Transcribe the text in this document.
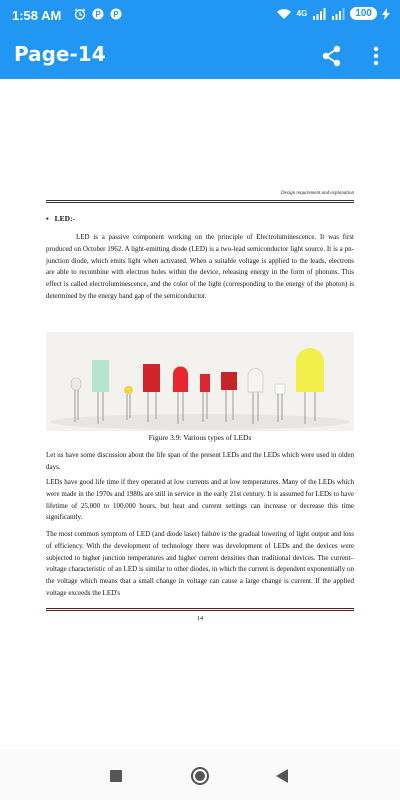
1:58 AM	P P	4G	100
Page-14
Design requirement and explanation
▪ LED:-

LED is a passive component working on the principle of Electroluminescence. It was first produced on October 1962. A light-emitting diode (LED) is a two-lead semiconductor light source. It is a pn-junction diode, which emits light when activated. When a suitable voltage is applied to the leads, electrons are able to recombine with electron holes within the device, releasing energy in the form of photons. This effect is called electroluminescence, and the color of the light (corresponding to the energy of the photon) is determined by the energy band gap of the semiconductor.

Figure 3.9: Various types of LEDs

Let us have some discussion about the life span of the present LEDs and the LEDs which were used in olden days.

LEDs have good life time if they operated at low currents and at low temperatures. Many of the LEDs which were made in the 1970s and 1980s are still in service in the early 21st century. It is assumed for LEDs to have lifetime of 25,000 to 100,000 hours, but heat and current settings can increase or decrease this time significantly.

The most common symptom of LED (and diode laser) failure is the gradual lowering of light output and loss of efficiency. With the development of technology there was development of LEDs and the devices were subjected to higher junction temperatures and higher current densities than traditional devices. The current–voltage characteristic of an LED is similar to other diodes, in which the current is dependent exponentially on the voltage which means that a small change in voltage can cause a large change is current. If the applied voltage exceeds the LED's

14
